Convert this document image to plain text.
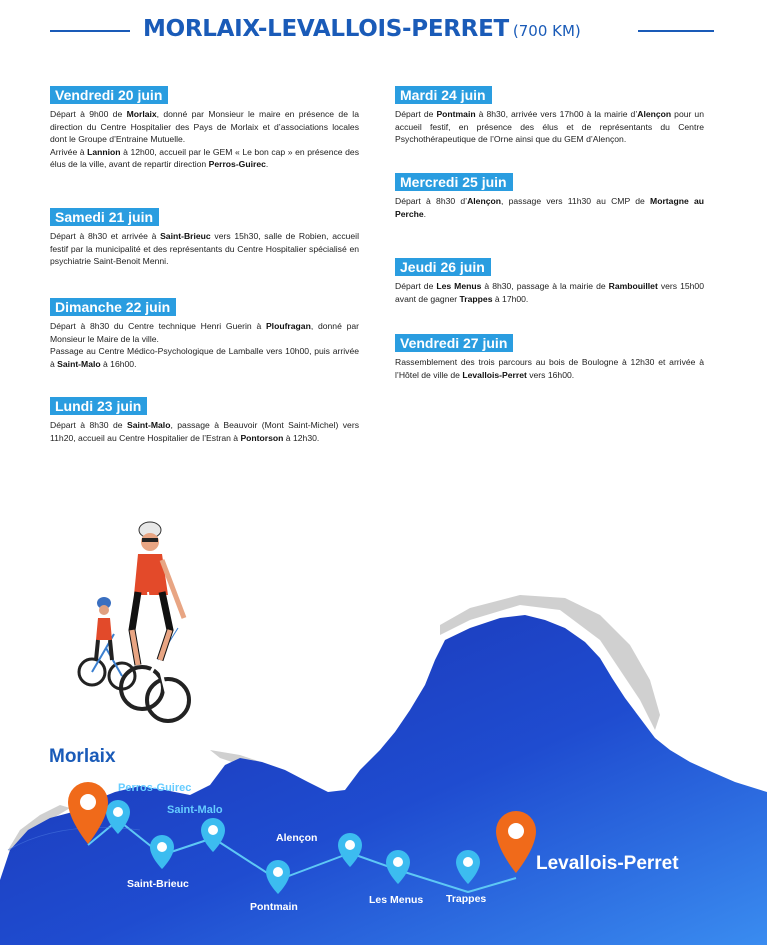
MORLAIX-LEVALLOIS-PERRET (700 KM)
Vendredi 20 juin
Départ à 9h00 de Morlaix, donné par Monsieur le maire en présence de la direction du Centre Hospitalier des Pays de Morlaix et d’associations locales dont le Groupe d’Entraine Mutuelle.
Arrivée à Lannion à 12h00, accueil par le GEM « Le bon cap » en présence des élus de la ville, avant de repartir direction Perros-Guirec.
Samedi 21 juin
Départ à 8h30 et arrivée à Saint-Brieuc vers 15h30, salle de Robien, accueil festif par la municipalité et des représentants du Centre Hospitalier spécialisé en psychiatrie Saint-Benoit Menni.
Dimanche 22 juin
Départ à 8h30 du Centre technique Henri Guerin à Ploufragan, donné par Monsieur le Maire de la ville.
Passage au Centre Médico-Psychologique de Lamballe vers 10h00, puis arrivée à Saint-Malo à 16h00.
Lundi 23 juin
Départ à 8h30 de Saint-Malo, passage à Beauvoir (Mont Saint-Michel) vers 11h20, accueil au Centre Hospitalier de l’Estran à Pontorson à 12h30.
Mardi 24 juin
Départ de Pontmain à 8h30, arrivée vers 17h00 à la mairie d’Alençon pour un accueil festif, en présence des élus et de représentants du Centre Psychothérapeutique de l’Orne ainsi que du GEM d’Alençon.
Mercredi 25 juin
Départ à 8h30 d’Alençon, passage vers 11h30 au CMP de Mortagne au Perche.
Jeudi 26 juin
Départ de Les Menus à 8h30, passage à la mairie de Rambouillet vers 15h00 avant de gagner Trappes à 17h00.
Vendredi 27 juin
Rassemblement des trois parcours au bois de Boulogne à 12h30 et arrivée à l’Hôtel de ville de Levallois-Perret vers 16h00.
Morlaix
Perros-Guirec
Saint-Malo
Saint-Brieuc
Alençon
Pontmain
Les Menus Trappes
Levallois-Perret
